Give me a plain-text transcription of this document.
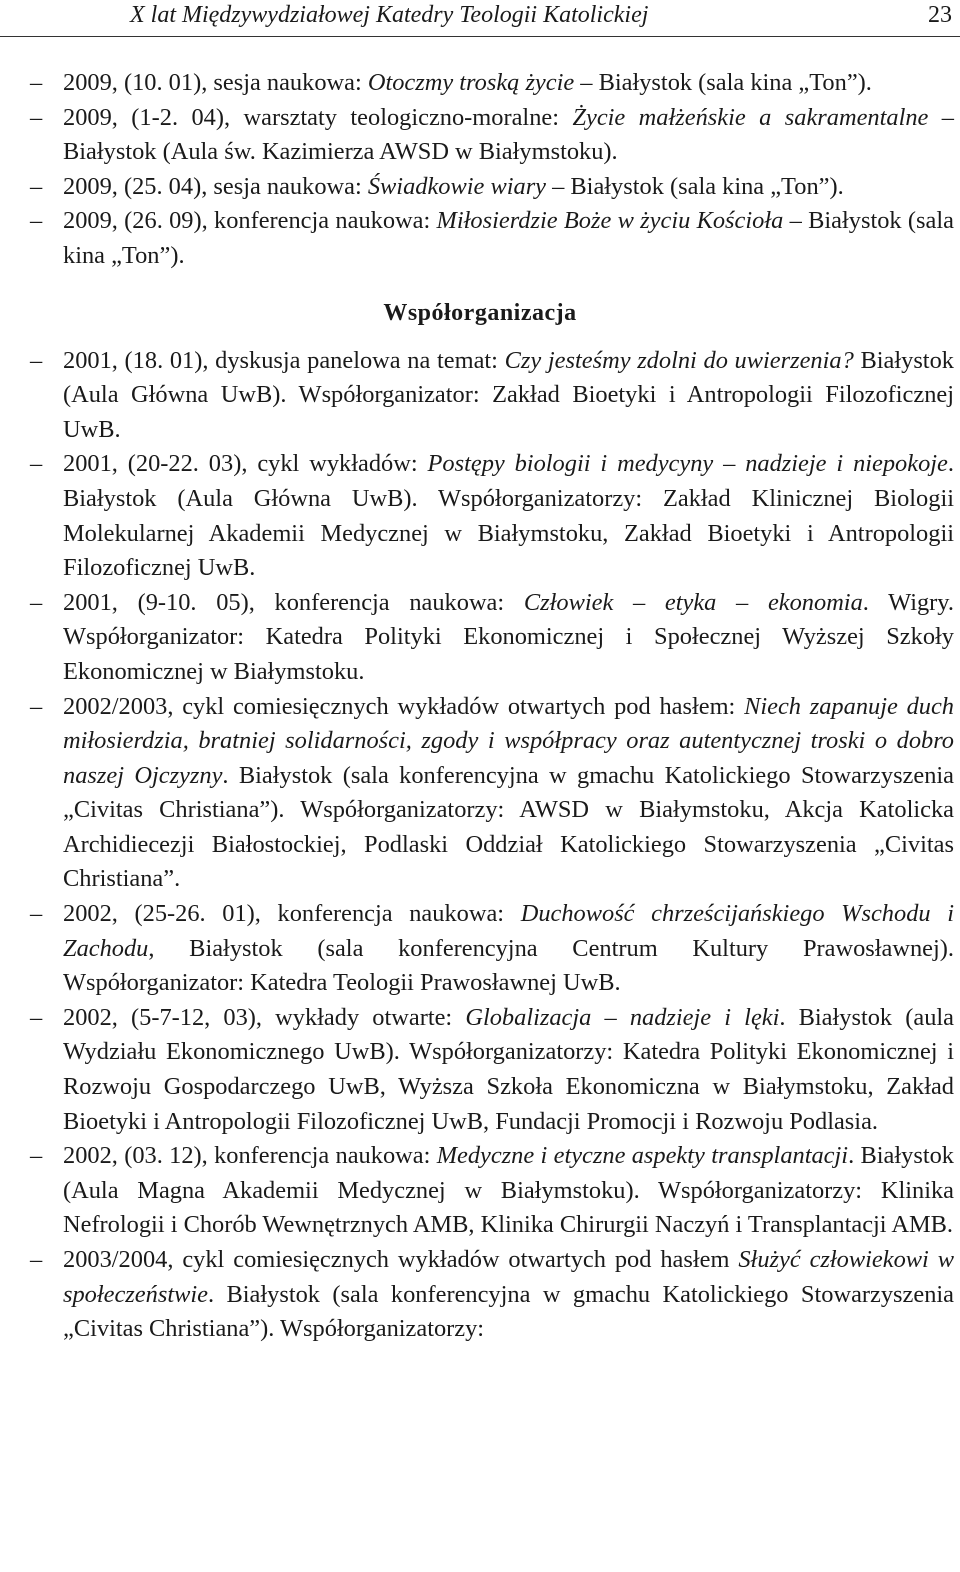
X lat Międzywydziałowej Katedry Teologii Katolickiej	23

– 2009, (10. 01), sesja naukowa: Otoczmy troską życie – Białystok (sala kina „Ton”).

– 2009, (1-2. 04), warsztaty teologiczno-moralne: Życie małżeńskie a sakramentalne – Białystok (Aula św. Kazimierza AWSD w Białymstoku).

– 2009, (25. 04), sesja naukowa: Świadkowie wiary – Białystok (sala kina „Ton”).

– 2009, (26. 09), konferencja naukowa: Miłosierdzie Boże w życiu Kościoła – Białystok (sala kina „Ton”).

Współorganizacja

– 2001, (18. 01), dyskusja panelowa na temat: Czy jesteśmy zdolni do uwierzenia? Białystok (Aula Główna UwB). Współorganizator: Zakład Bioetyki i Antropologii Filozoficznej UwB.

– 2001, (20-22. 03), cykl wykładów: Postępy biologii i medycyny – nadzieje i niepokoje. Białystok (Aula Główna UwB). Współorganizatorzy: Zakład Klinicznej Biologii Molekularnej Akademii Medycznej w Białymstoku, Zakład Bioetyki i Antropologii Filozoficznej UwB.

– 2001, (9-10. 05), konferencja naukowa: Człowiek – etyka – ekonomia. Wigry. Współorganizator: Katedra Polityki Ekonomicznej i Społecznej Wyższej Szkoły Ekonomicznej w Białymstoku.

– 2002/2003, cykl comiesięcznych wykładów otwartych pod hasłem: Niech zapanuje duch miłosierdzia, bratniej solidarności, zgody i współpracy oraz autentycznej troski o dobro naszej Ojczyzny. Białystok (sala konferencyjna w gmachu Katolickiego Stowarzyszenia „Civitas Christiana”). Współorganizatorzy: AWSD w Białymstoku, Akcja Katolicka Archidiecezji Białostockiej, Podlaski Oddział Katolickiego Stowarzyszenia „Civitas Christiana”.

– 2002, (25-26. 01), konferencja naukowa: Duchowość chrześcijańskiego Wschodu i Zachodu, Białystok (sala konferencyjna Centrum Kultury Prawosławnej). Współorganizator: Katedra Teologii Prawosławnej UwB.

– 2002, (5-7-12, 03), wykłady otwarte: Globalizacja – nadzieje i lęki. Białystok (aula Wydziału Ekonomicznego UwB). Współorganizatorzy: Katedra Polityki Ekonomicznej i Rozwoju Gospodarczego UwB, Wyższa Szkoła Ekonomiczna w Białymstoku, Zakład Bioetyki i Antropologii Filozoficznej UwB, Fundacji Promocji i Rozwoju Podlasia.

– 2002, (03. 12), konferencja naukowa: Medyczne i etyczne aspekty transplantacji. Białystok (Aula Magna Akademii Medycznej w Białymstoku). Współorganizatorzy: Klinika Nefrologii i Chorób Wewnętrznych AMB, Klinika Chirurgii Naczyń i Transplantacji AMB.

– 2003/2004, cykl comiesięcznych wykładów otwartych pod hasłem Służyć człowiekowi w społeczeństwie. Białystok (sala konferencyjna w gmachu Katolickiego Stowarzyszenia „Civitas Christiana”). Współorganizatorzy:
